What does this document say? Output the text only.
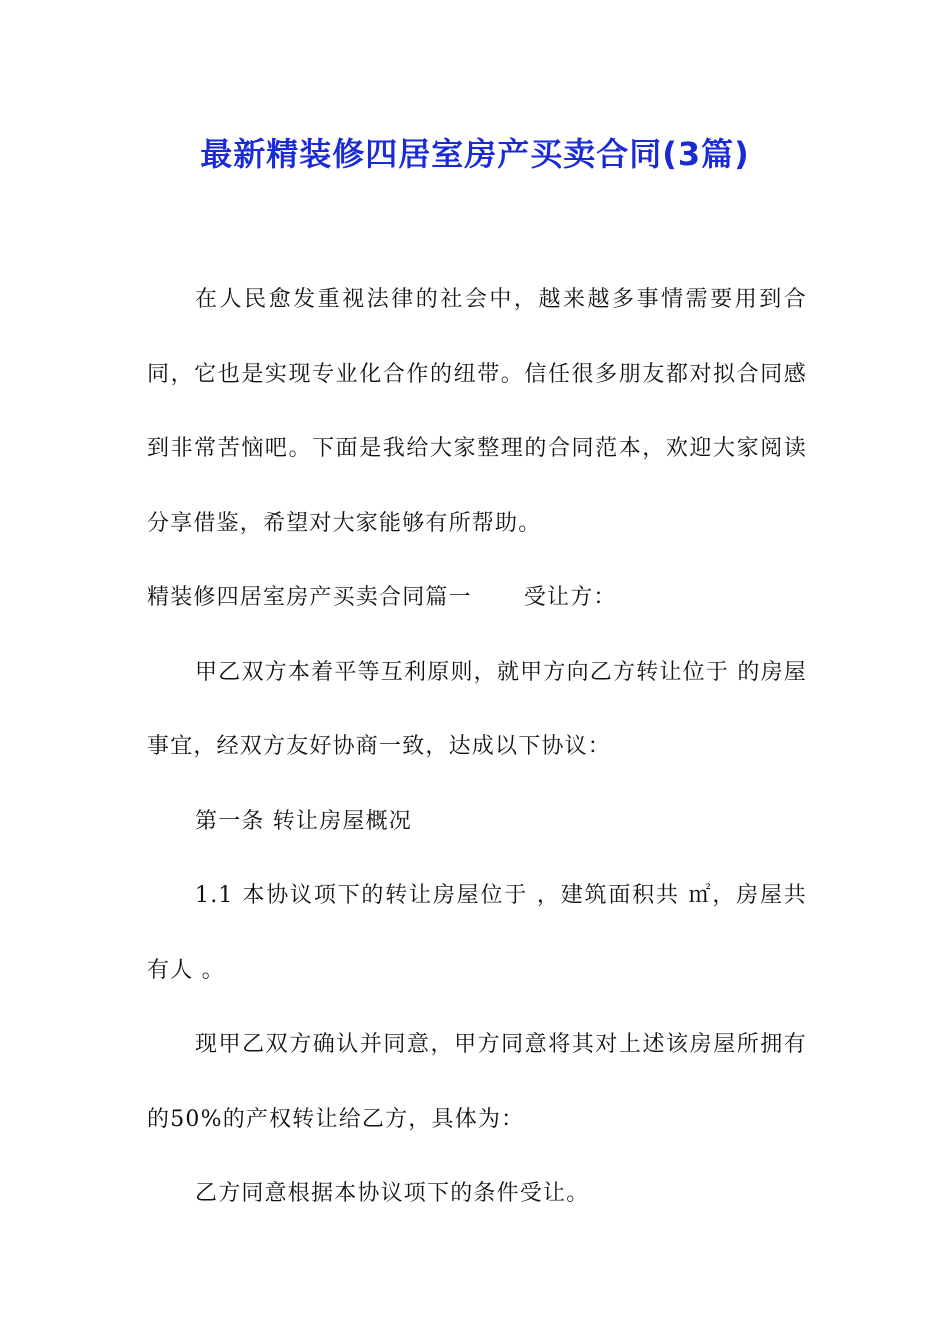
最新精装修四居室房产买卖合同(3篇)

在人民愈发重视法律的社会中，越来越多事情需要用到合同，它也是实现专业化合作的纽带。信任很多朋友都对拟合同感到非常苦恼吧。下面是我给大家整理的合同范本，欢迎大家阅读分享借鉴，希望对大家能够有所帮助。

精装修四居室房产买卖合同篇一 受让方：

甲乙双方本着平等互利原则，就甲方向乙方转让位于 的房屋事宜，经双方友好协商一致，达成以下协议：

第一条 转让房屋概况

1.1 本协议项下的转让房屋位于 ，建筑面积共 ㎡，房屋共有人 。

现甲乙双方确认并同意，甲方同意将其对上述该房屋所拥有的50%的产权转让给乙方，具体为：

乙方同意根据本协议项下的条件受让。
